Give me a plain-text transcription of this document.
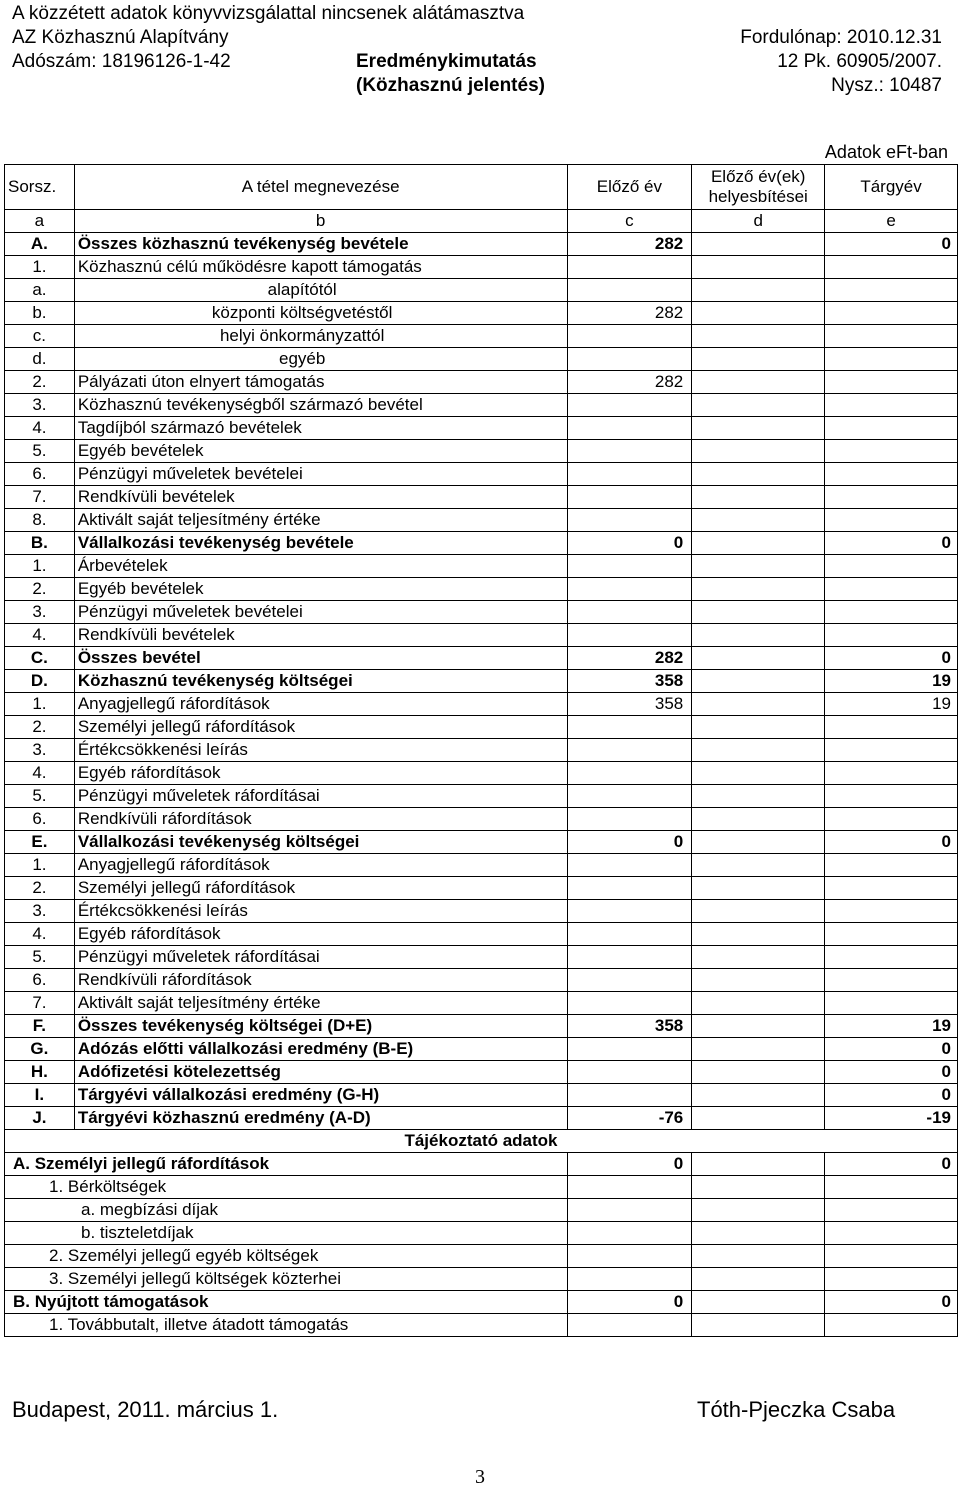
A közzétett adatok könyvvizsgálattal nincsenek alátámasztva
AZ Közhasznú Alapítvány	Fordulónap: 2010.12.31
Adószám: 18196126-1-42	Eredménykimutatás	12 Pk. 60905/2007.
(Közhasznú jelentés)	Nysz.: 10487
Adatok eFt-ban
Sorsz.	A tétel megnevezése	Előző év	Előző év(ek)
helyesbítései	Tárgyév
a	b	c	d	e
A.	Összes közhasznú tevékenység bevétele	282		0
1.	Közhasznú célú működésre kapott támogatás			
a.	alapítótól			
b.	központi költségvetéstől	282		
c.	helyi önkormányzattól			
d.	egyéb			
2.	Pályázati úton elnyert támogatás	282		
3.	Közhasznú tevékenységből származó bevétel			
4.	Tagdíjból származó bevételek			
5.	Egyéb bevételek			
6.	Pénzügyi műveletek bevételei			
7.	Rendkívüli bevételek			
8.	Aktivált saját teljesítmény értéke			
B.	Vállalkozási tevékenység bevétele	0		0
1.	Árbevételek			
2.	Egyéb bevételek			
3.	Pénzügyi műveletek bevételei			
4.	Rendkívüli bevételek			
C.	Összes bevétel	282		0
D.	Közhasznú tevékenység költségei	358		19
1.	Anyagjellegű ráfordítások	358		19
2.	Személyi jellegű ráfordítások			
3.	Értékcsökkenési leírás			
4.	Egyéb ráfordítások			
5.	Pénzügyi műveletek ráfordításai			
6.	Rendkívüli ráfordítások			
E.	Vállalkozási tevékenység költségei	0		0
1.	Anyagjellegű ráfordítások			
2.	Személyi jellegű ráfordítások			
3.	Értékcsökkenési leírás			
4.	Egyéb ráfordítások			
5.	Pénzügyi műveletek ráfordításai			
6.	Rendkívüli ráfordítások			
7.	Aktivált saját teljesítmény értéke			
F.	Összes tevékenység költségei (D+E)	358		19
G.	Adózás előtti vállalkozási eredmény (B-E)			0
H.	Adófizetési kötelezettség			0
I.	Tárgyévi vállalkozási eredmény (G-H)			0
J.	Tárgyévi közhasznú eredmény (A-D)	-76		-19
Tájékoztató adatok				
A. Személyi jellegű ráfordítások		0		0
1. Bérköltségek				
a. megbízási díjak				
b. tiszteletdíjak				
2. Személyi jellegű egyéb költségek				
3. Személyi jellegű költségek közterhei				
B. Nyújtott támogatások		0		0
1. Továbbutalt, illetve átadott támogatás				
Budapest, 2011. március 1.	Tóth-Pjeczka Csaba
3
